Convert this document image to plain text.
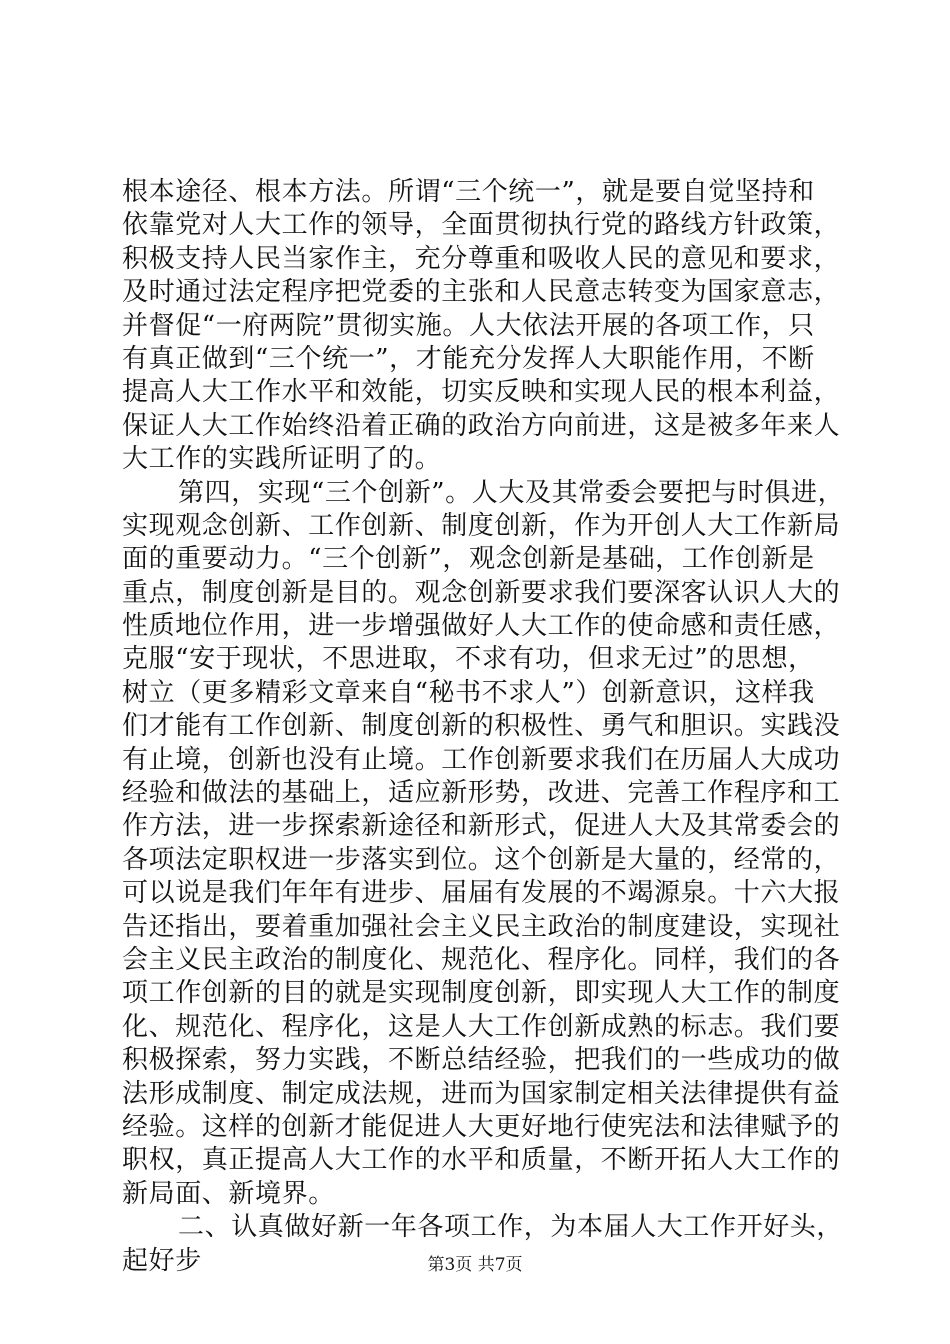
根本途径、根本方法。所谓“三个统一”，就是要自觉坚持和
依靠党对人大工作的领导，全面贯彻执行党的路线方针政策，
积极支持人民当家作主，充分尊重和吸收人民的意见和要求，
及时通过法定程序把党委的主张和人民意志转变为国家意志，
并督促“一府两院”贯彻实施。人大依法开展的各项工作，只
有真正做到“三个统一”，才能充分发挥人大职能作用，不断
提高人大工作水平和效能，切实反映和实现人民的根本利益，
保证人大工作始终沿着正确的政治方向前进，这是被多年来人
大工作的实践所证明了的。
第四，实现“三个创新”。人大及其常委会要把与时俱进，
实现观念创新、工作创新、制度创新，作为开创人大工作新局
面的重要动力。“三个创新”，观念创新是基础，工作创新是
重点，制度创新是目的。观念创新要求我们要深客认识人大的
性质地位作用，进一步增强做好人大工作的使命感和责任感，
克服“安于现状，不思进取，不求有功，但求无过”的思想，
树立（更多精彩文章来自“秘书不求人”）创新意识，这样我
们才能有工作创新、制度创新的积极性、勇气和胆识。实践没
有止境，创新也没有止境。工作创新要求我们在历届人大成功
经验和做法的基础上，适应新形势，改进、完善工作程序和工
作方法，进一步探索新途径和新形式，促进人大及其常委会的
各项法定职权进一步落实到位。这个创新是大量的，经常的，
可以说是我们年年有进步、届届有发展的不竭源泉。十六大报
告还指出，要着重加强社会主义民主政治的制度建设，实现社
会主义民主政治的制度化、规范化、程序化。同样，我们的各
项工作创新的目的就是实现制度创新，即实现人大工作的制度
化、规范化、程序化，这是人大工作创新成熟的标志。我们要
积极探索，努力实践，不断总结经验，把我们的一些成功的做
法形成制度、制定成法规，进而为国家制定相关法律提供有益
经验。这样的创新才能促进人大更好地行使宪法和法律赋予的
职权，真正提高人大工作的水平和质量，不断开拓人大工作的
新局面、新境界。
二、认真做好新一年各项工作，为本届人大工作开好头，
起好步	第3页 共7页
